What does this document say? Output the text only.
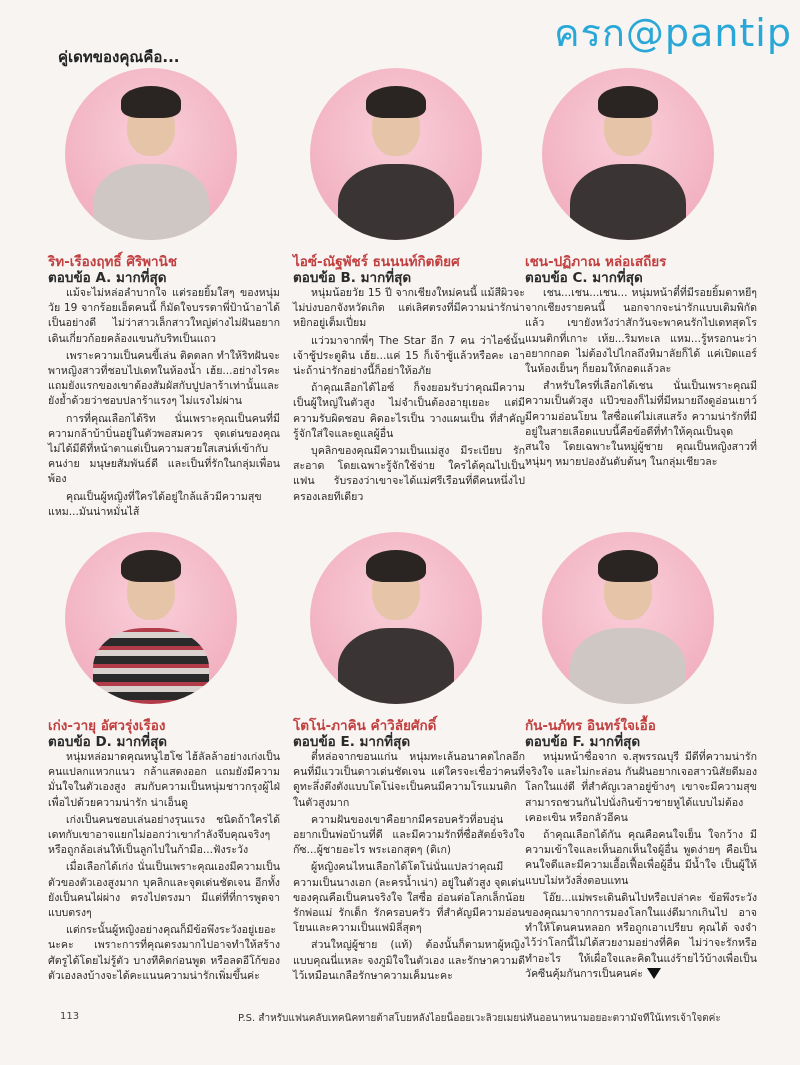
ครก@pantip
คู่เดทของคุณคือ...
ริท-เรืองฤทธิ์ ศิริพานิช
ตอบข้อ A. มากที่สุด

แม้จะไม่หล่อลำบากใจ แต่รอยยิ้มใสๆ ของหนุ่มวัย 19 จากร้อยเอ็ดคนนี้ ก็มัดใจบรรดาพี่ป้าน้าอาได้เป็นอย่างดี ไม่ว่าสาวเล็กสาวใหญ่ต่างไม่ฝันอยากเดินเกี่ยวก้อยคล้องแขนกับริทเป็นแถว

เพราะความเป็นคนขี้เล่น ติดตลก ทำให้ริทฝันจะพาหญิงสาวที่ชอบไปเดทในห้องน้ำ เฮ้ย...อย่างไรคะ แถมยังแรกของเขาต้องสัมผัสกับปูปลาร้าเท่านั้นและยังย้ำด้วยว่าชอบปลาร้าแรงๆ ไม่แรงไม่ผ่าน

การที่คุณเลือกได้ริท นั่นเพราะคุณเป็นคนที่มีความกล้าบ้าบิ่นอยู่ในตัวพอสมควร จุดเด่นของคุณไม่ได้มีดีที่หน้าตาแต่เป็นความสวยใสเสน่ห์เข้ากับคนง่าย มนุษยสัมพันธ์ดี และเป็นที่รักในกลุ่มเพื่อนพ้อง

คุณเป็นผู้หญิงที่ใครได้อยู่ใกล้แล้วมีความสุขแหม...มันน่าหมั่นไส้

ไอซ์-ณัฐพัชร์ ธนนนท์กิตติยศ
ตอบข้อ B. มากที่สุด

หนุ่มน้อยวัย 15 ปี จากเชียงใหม่คนนี้ แม้สีผิวจะไม่บ่งบอกจังหวัดเกิด แต่เลิศตรงที่มีความน่ารักน่าหยิกอยู่เต็มเปี่ยม

แว่วมาจากพี่ๆ The Star อีก 7 คน ว่าไอซ์นั้นเจ้าชู้ประตูดิน เฮ้ย...แค่ 15 ก็เจ้าชู้แล้วหรือคะ เอาน่ะถ้าน่ารักอย่างนี้ก็อย่าให้อภัย

ถ้าคุณเลือกได้ไอซ์ ก็จงยอมรับว่าคุณมีความเป็นผู้ใหญ่ในตัวสูง ไม่จำเป็นต้องอายุเยอะ แต่มีความรับผิดชอบ คิดอะไรเป็น วางแผนเป็น ที่สำคัญรู้จักใส่ใจและดูแลผู้อื่น

บุคลิกของคุณมีความเป็นแม่สูง มีระเบียบ รักสะอาด โดยเฉพาะรู้จักใช้จ่าย ใครได้คุณไปเป็นแฟน รับรองว่าเขาจะได้แม่ศรีเรือนที่ดีคนหนึ่งไปครองเลยทีเดียว

เชน-ปฏิภาณ หล่อเสถียร
ตอบข้อ C. มากที่สุด

เชน...เชน...เชน... หนุ่มหน้าตี๋ที่มีรอยยิ้มตาหยีๆ จากเชียงรายคนนี้ นอกจากจะน่ารักแบบเติมพิกัดแล้ว เขายังหวังว่าสักวันจะพาคนรักไปเดทสุดโรแมนติกที่เกาะ เห้ย...ริมทะเล แหม...รู้หรอกนะว่าอยากกอด ไม่ต้องไปไกลถึงหิมาลัยก็ได้ แค่เปิดแอร์ในห้องเย็นๆ ก็ยอมให้กอดแล้วละ

สำหรับใครที่เลือกได้เชน นั่นเป็นเพราะคุณมีความเป็นตัวสูง แป๊วของก็ไม่ที่มีหมายถึงดูอ่อนเยาว์ มีความอ่อนโยน ใสซื่อแต่ไม่เสแสร้ง ความน่ารักที่มีอยู่ในสายเลือดแบบนี้คือข้อดีที่ทำให้คุณเป็นจุดสนใจ โดยเฉพาะในหมู่ผู้ชาย คุณเป็นหญิงสาวที่หนุ่มๆ หมายปองอันดับต้นๆ ในกลุ่มเชียวละ

เก่ง-วายุ อัศวรุ่งเรือง
ตอบข้อ D. มากที่สุด

หนุ่มหล่อมาดคุณหนูไฮโซ ไฮ้ลัลล้าอย่างเก่งเป็นคนแปลกแหวกแนว กล้าแสดงออก แถมยังมีความมั่นใจในตัวเองสูง สมกับความเป็นหนุ่มชาวกรุงผู้ไฝ่เพื่อไปด้วยความน่ารัก น่าเอ็นดู

เก่งเป็นคนชอบเล่นอย่างรุนแรง ชนิดถ้าใครได้เดทกับเขาอาจแยกไม่ออกว่าเขากำลังจีบคุณจริงๆ หรือถูกล้อเล่นให้เป็นลูกไปในก้ามือ...ฟังระวัง

เมื่อเลือกได้เก่ง นั่นเป็นเพราะคุณเองมีความเป็นตัวของตัวเองสูงมาก บุคลิกและจุดเด่นชัดเจน อีกทั้งยังเป็นคนไผ่ผ่าง ตรงไปตรงมา มีแต่ที่ที่การพูดจาแบบตรงๆ

แต่กระนั้นผู้หญิงอย่างคุณก็มีข้อพึงระวังอยู่เยอะนะคะ เพราะการที่คุณตรงมากไปอาจทำให้สร้างศัตรูได้โดยไม่รู้ตัว บางทีคิดก่อนพูด หรือลดอีโก้ของตัวเองลงบ้างจะได้คะแนนความน่ารักเพิ่มขึ้นค่ะ

โตโน่-ภาคิน คำวิลัยศักดิ์
ตอบข้อ E. มากที่สุด

ตี๋หล่อจากขอนแก่น หนุ่มทะเล้นอนาคตไกลอีกคนที่มีแววเป็นดาวเด่นชัดเจน แต่ใครจะเชื่อว่าคนที่ดูทะลึ่งตึงตังแบบโตโน่จะเป็นคนมีความโรแมนติกในตัวสูงมาก

ความฝันของเขาคือยากมีครอบครัวที่อบอุ่น อยากเป็นพ่อบ้านที่ดี และมีความรักที่ซื่อสัตย์จริงใจ ก๊ซ...ผู้ชายอะไร พระเอกสุดๆ (ดิเก)

ผู้หญิงคนไหนเลือกได้โตโน่นั่นแปลว่าคุณมีความเป็นนางเอก (ละครน้ำเน่า) อยู่ในตัวสูง จุดเด่นของคุณคือเป็นคนจริงใจ ใสซื่อ อ่อนต่อโลกเล็กน้อยรักพ่อแม่ รักเด็ก รักครอบครัว ที่สำคัญมีความอ่อนโยนและความเป็นแฟมิลี่สุดๆ

ส่วนใหญ่ผู้ชาย (แท้) ต้องนั้นก็ตามหาผู้หญิงแบบคุณนี่แหละ จงภูมิใจในตัวเอง และรักษาความดีไว้เหมือนเกลือรักษาความเค็มนะคะ

กัน-นภัทร อินทร์ใจเอื้อ
ตอบข้อ F. มากที่สุด

หนุ่มหน้าซื่อจาก จ.สุพรรณบุรี มีดีที่ความน่ารักจริงใจ และไม่กะล่อน กันฝันอยากเจอสาวนิสัยดีมองโลกในแง่ดี ที่สำคัญเวลาอยู่ข้างๆ เขาจะมีความสุข สามารถชวนกันไปนั่งกินข้าวชายหูได้แบบไม่ต้องเคอะเขิน หรือกลัวอีคน

ถ้าคุณเลือกได้กัน คุณคือคนใจเย็น ใจกว้าง มีความเข้าใจและเห็นอกเห็นใจผู้อื่น พูดง่ายๆ คือเป็นคนใจดีและมีความเอื้อเฟื้อเพื่อผู้อื่น มีน้ำใจ เป็นผู้ให้แบบไม่หวังสิ่งตอบแทน

โอ๊ย...แม่พระเดินดินไปหรือเปล่าคะ ข้อพึงระวังของคุณมาจากการมองโลกในแง่ดีมากเกินไป อาจทำให้โดนคนหลอก หรือถูกเอาเปรียบ คุณได้ จงจำไว้ว่าโลกนี้ไม่ได้สวยงามอย่างที่คิด ไม่ว่าจะรักหรือทำอะไร ให้เผื่อใจและคิดในแง่ร้ายไว้บ้างเพื่อเป็นวัคซีนคุ้มกันการเป็นคนค่ะ

113	P.S. สำหรับแฟนคลับเทคนิคทายต้าสโบยหลังไอยน็ออยเวะลิวยเมยน่หันออนาหนามอยอะตวามัจทีใน้เทรเจ้าใจตค่ะ
